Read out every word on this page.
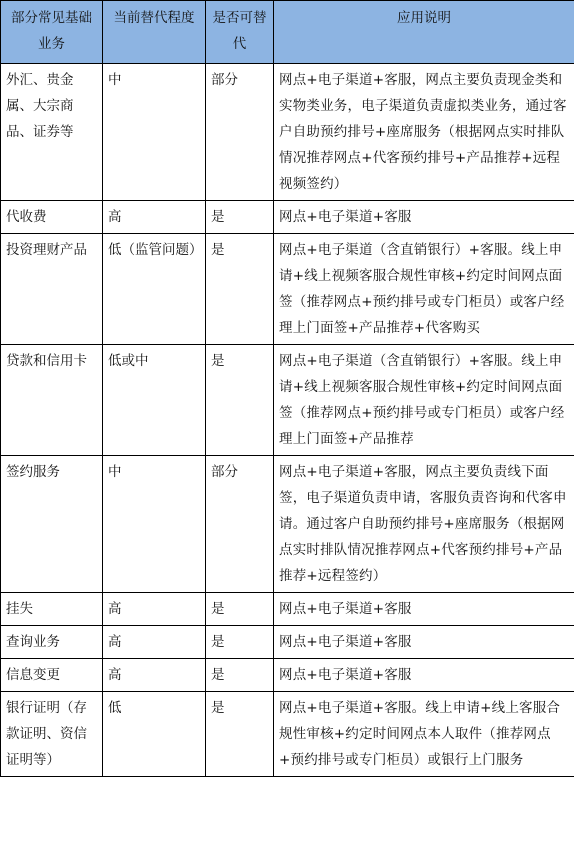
部分常见基础业务	当前替代程度	是否可替代	应用说明
外汇、贵金属、大宗商品、证券等	中	部分	网点+电子渠道+客服，网点主要负责现金类和实物类业务，电子渠道负责虚拟类业务，通过客户自助预约排号+座席服务（根据网点实时排队情况推荐网点+代客预约排号+产品推荐+远程视频签约）
代收费	高	是	网点+电子渠道+客服
投资理财产品	低（监管问题）	是	网点+电子渠道（含直销银行）+客服。线上申请+线上视频客服合规性审核+约定时间网点面签（推荐网点+预约排号或专门柜员）或客户经理上门面签+产品推荐+代客购买
贷款和信用卡	低或中	是	网点+电子渠道（含直销银行）+客服。线上申请+线上视频客服合规性审核+约定时间网点面签（推荐网点+预约排号或专门柜员）或客户经理上门面签+产品推荐
签约服务	中	部分	网点+电子渠道+客服，网点主要负责线下面签，电子渠道负责申请，客服负责咨询和代客申请。通过客户自助预约排号+座席服务（根据网点实时排队情况推荐网点+代客预约排号+产品推荐+远程签约）
挂失	高	是	网点+电子渠道+客服
查询业务	高	是	网点+电子渠道+客服
信息变更	高	是	网点+电子渠道+客服
银行证明（存款证明、资信证明等）	低	是	网点+电子渠道+客服。线上申请+线上客服合规性审核+约定时间网点本人取件（推荐网点+预约排号或专门柜员）或银行上门服务
